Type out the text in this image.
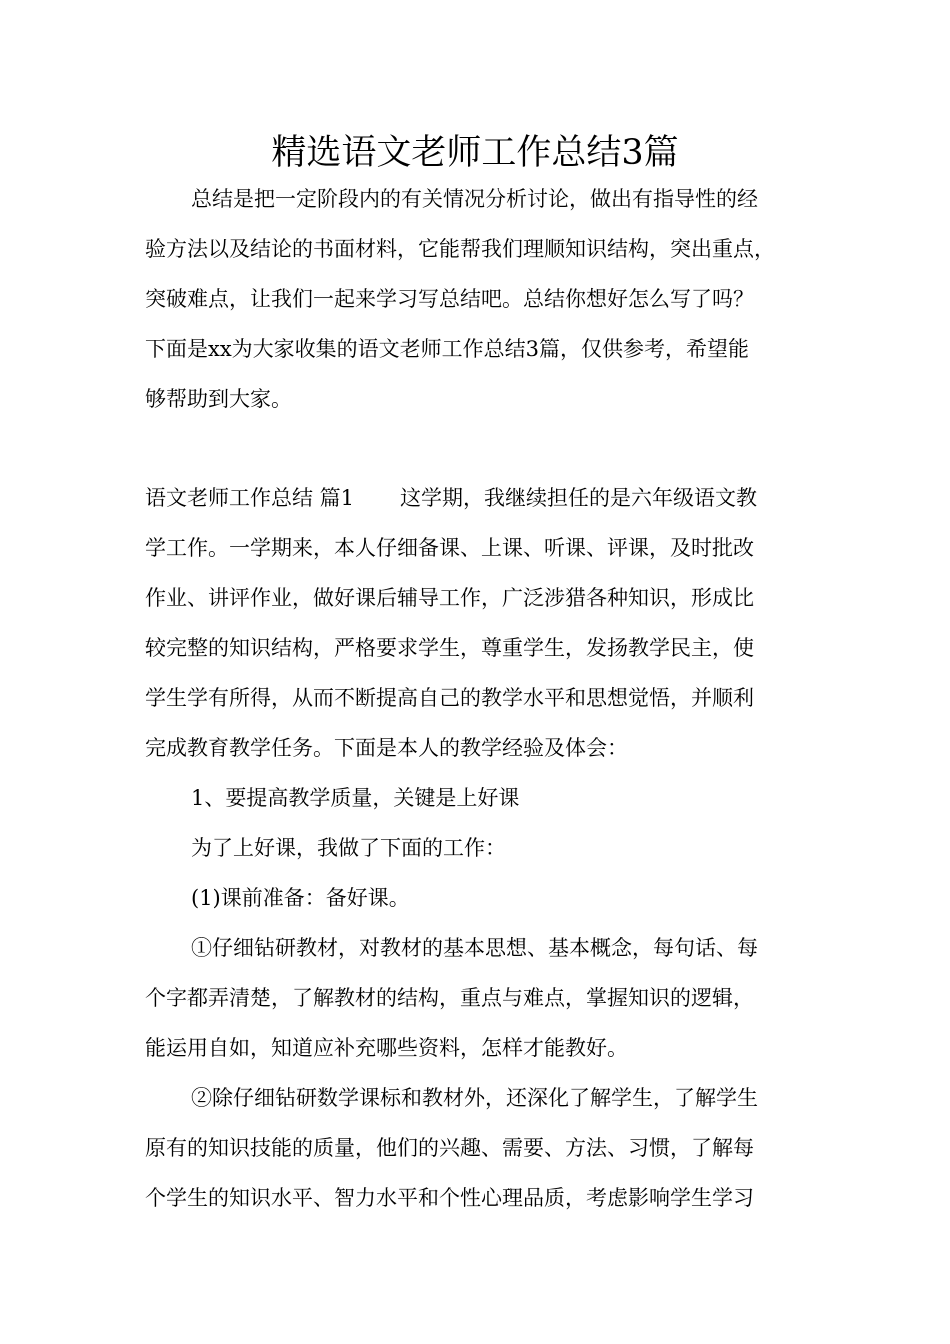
精选语文老师工作总结3篇
总结是把一定阶段内的有关情况分析讨论，做出有指导性的经
验方法以及结论的书面材料，它能帮我们理顺知识结构，突出重点，
突破难点，让我们一起来学习写总结吧。总结你想好怎么写了吗？
下面是xx为大家收集的语文老师工作总结3篇，仅供参考，希望能
够帮助到大家。
语文老师工作总结 篇1 这学期，我继续担任的是六年级语文教
学工作。一学期来，本人仔细备课、上课、听课、评课，及时批改
作业、讲评作业，做好课后辅导工作，广泛涉猎各种知识，形成比
较完整的知识结构，严格要求学生，尊重学生，发扬教学民主，使
学生学有所得，从而不断提高自己的教学水平和思想觉悟，并顺利
完成教育教学任务。下面是本人的教学经验及体会：
1、要提高教学质量，关键是上好课
为了上好课，我做了下面的工作：
(1)课前准备：备好课。
①仔细钻研教材，对教材的基本思想、基本概念，每句话、每
个字都弄清楚，了解教材的结构，重点与难点，掌握知识的逻辑，
能运用自如，知道应补充哪些资料，怎样才能教好。
②除仔细钻研数学课标和教材外，还深化了解学生，了解学生
原有的知识技能的质量，他们的兴趣、需要、方法、习惯，了解每
个学生的知识水平、智力水平和个性心理品质，考虑影响学生学习
